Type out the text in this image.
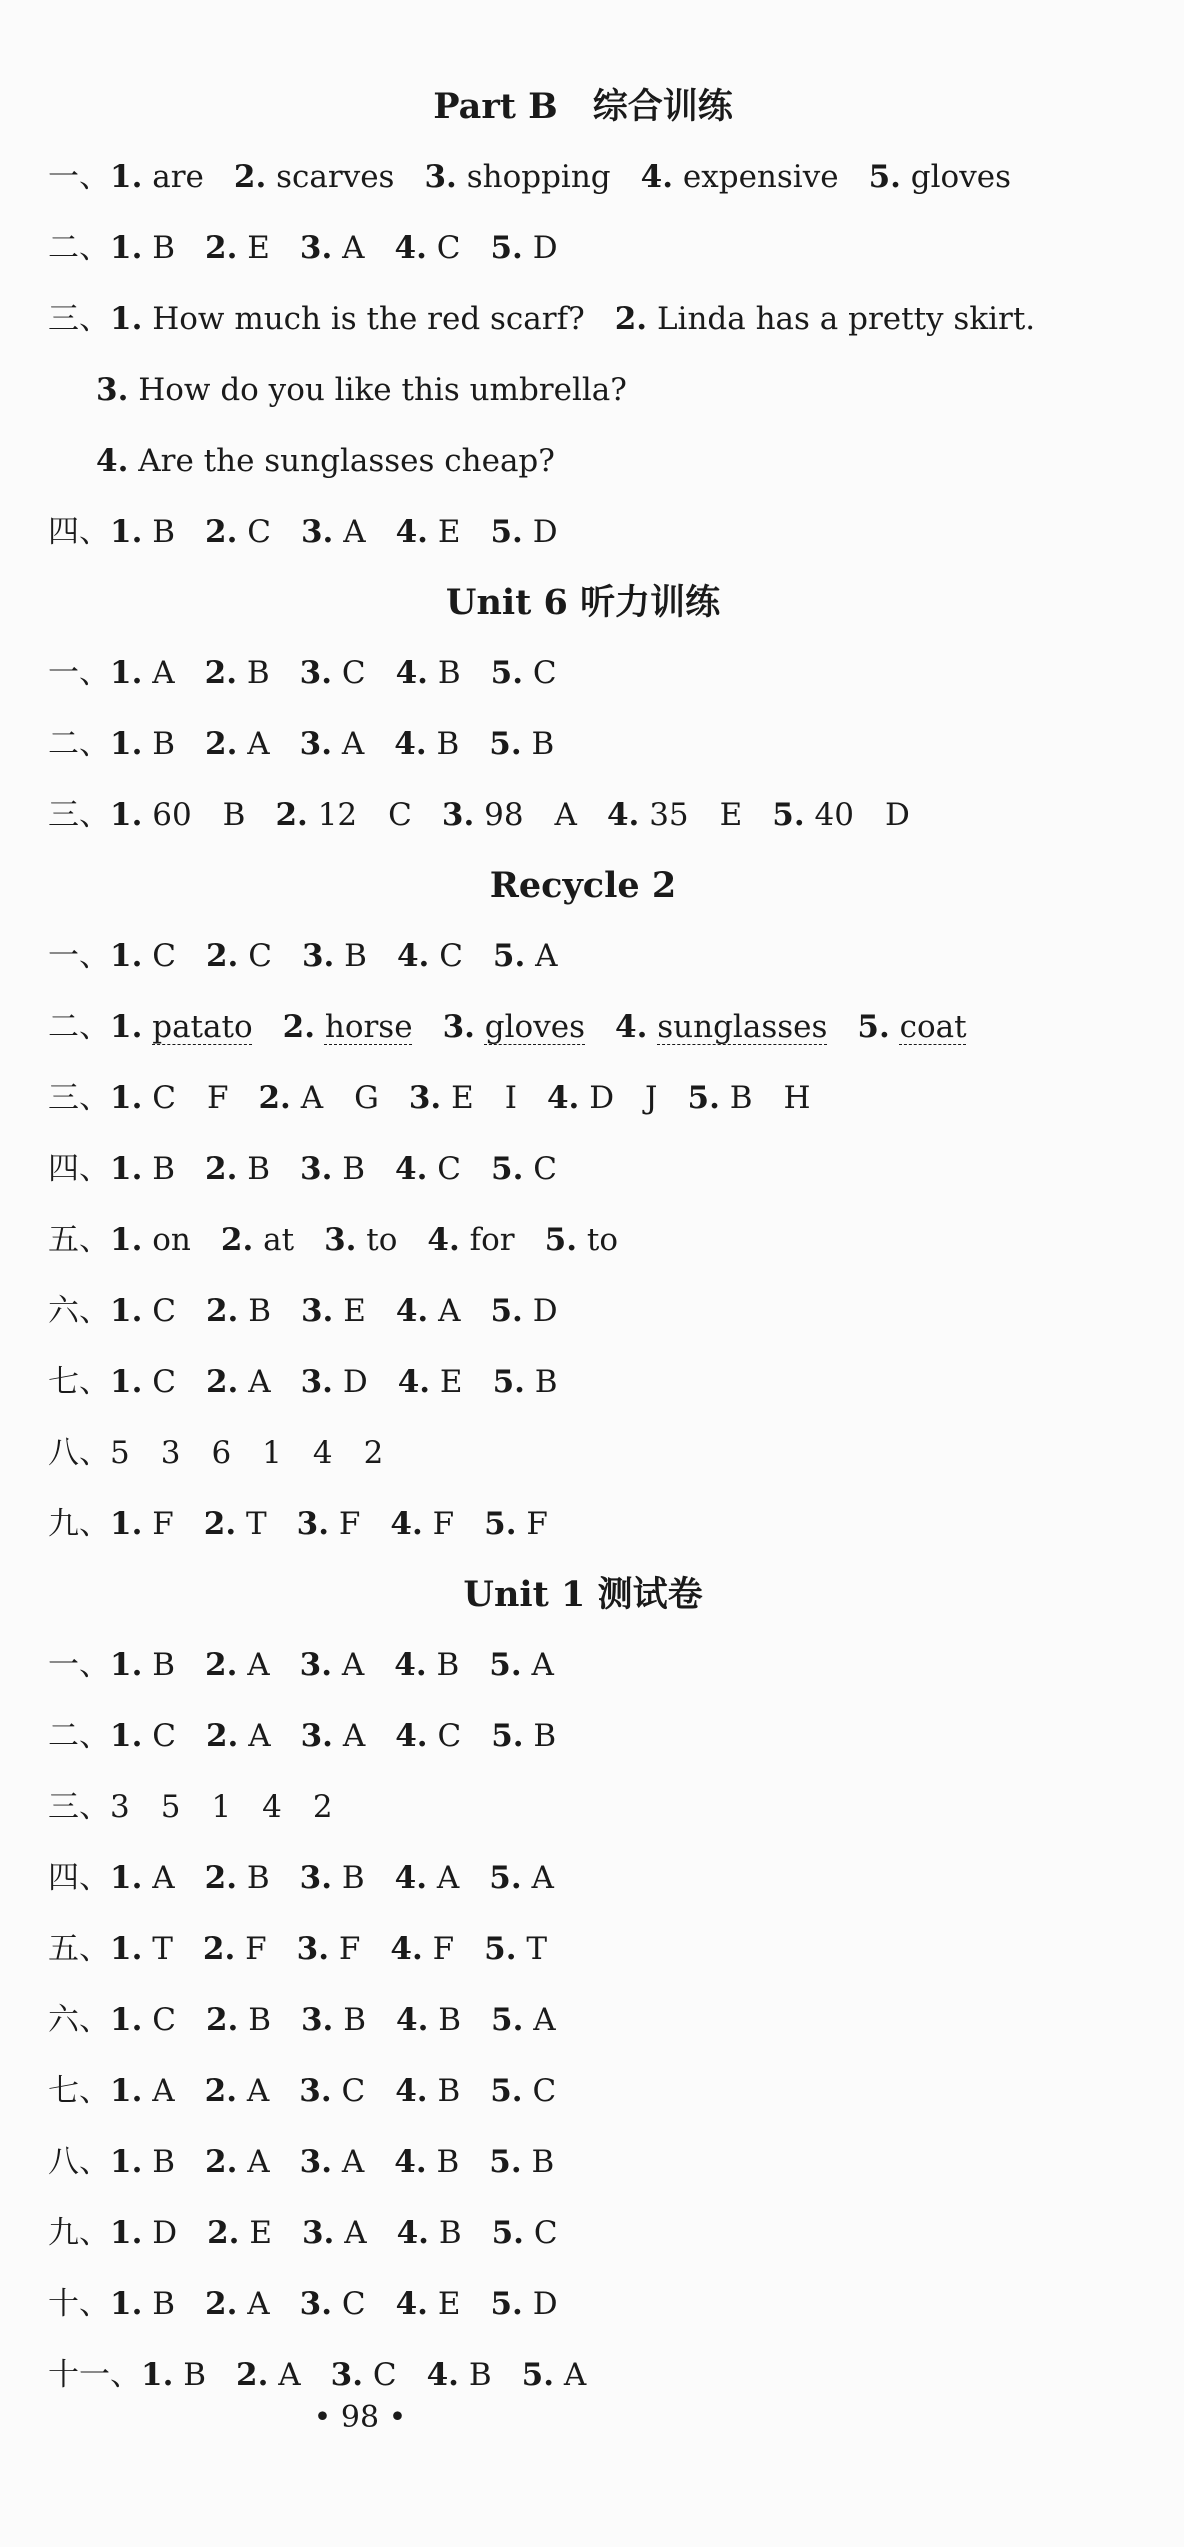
Part B　综合训练
一、1. are 2. scarves 3. shopping 4. expensive 5. gloves
二、1. B 2. E 3. A 4. C 5. D
三、1. How much is the red scarf? 2. Linda has a pretty skirt.
3. How do you like this umbrella?
4. Are the sunglasses cheap?
四、1. B 2. C 3. A 4. E 5. D
Unit 6 听力训练
一、1. A 2. B 3. C 4. B 5. C
二、1. B 2. A 3. A 4. B 5. B
三、1. 60　B 2. 12　C 3. 98　A 4. 35　E 5. 40　D
Recycle 2
一、1. C 2. C 3. B 4. C 5. A
二、1. patato 2. horse 3. gloves 4. sunglasses 5. coat
三、1. C　F 2. A　G 3. E　I 4. D　J 5. B　H
四、1. B 2. B 3. B 4. C 5. C
五、1. on 2. at 3. to 4. for 5. to
六、1. C 2. B 3. E 4. A 5. D
七、1. C 2. A 3. D 4. E 5. B
八、5　3　6　1　4　2
九、1. F 2. T 3. F 4. F 5. F
Unit 1 测试卷
一、1. B 2. A 3. A 4. B 5. A
二、1. C 2. A 3. A 4. C 5. B
三、3　5　1　4　2
四、1. A 2. B 3. B 4. A 5. A
五、1. T 2. F 3. F 4. F 5. T
六、1. C 2. B 3. B 4. B 5. A
七、1. A 2. A 3. C 4. B 5. C
八、1. B 2. A 3. A 4. B 5. B
九、1. D 2. E 3. A 4. B 5. C
十、1. B 2. A 3. C 4. E 5. D
十一、1. B 2. A 3. C 4. B 5. A
• 98 •
